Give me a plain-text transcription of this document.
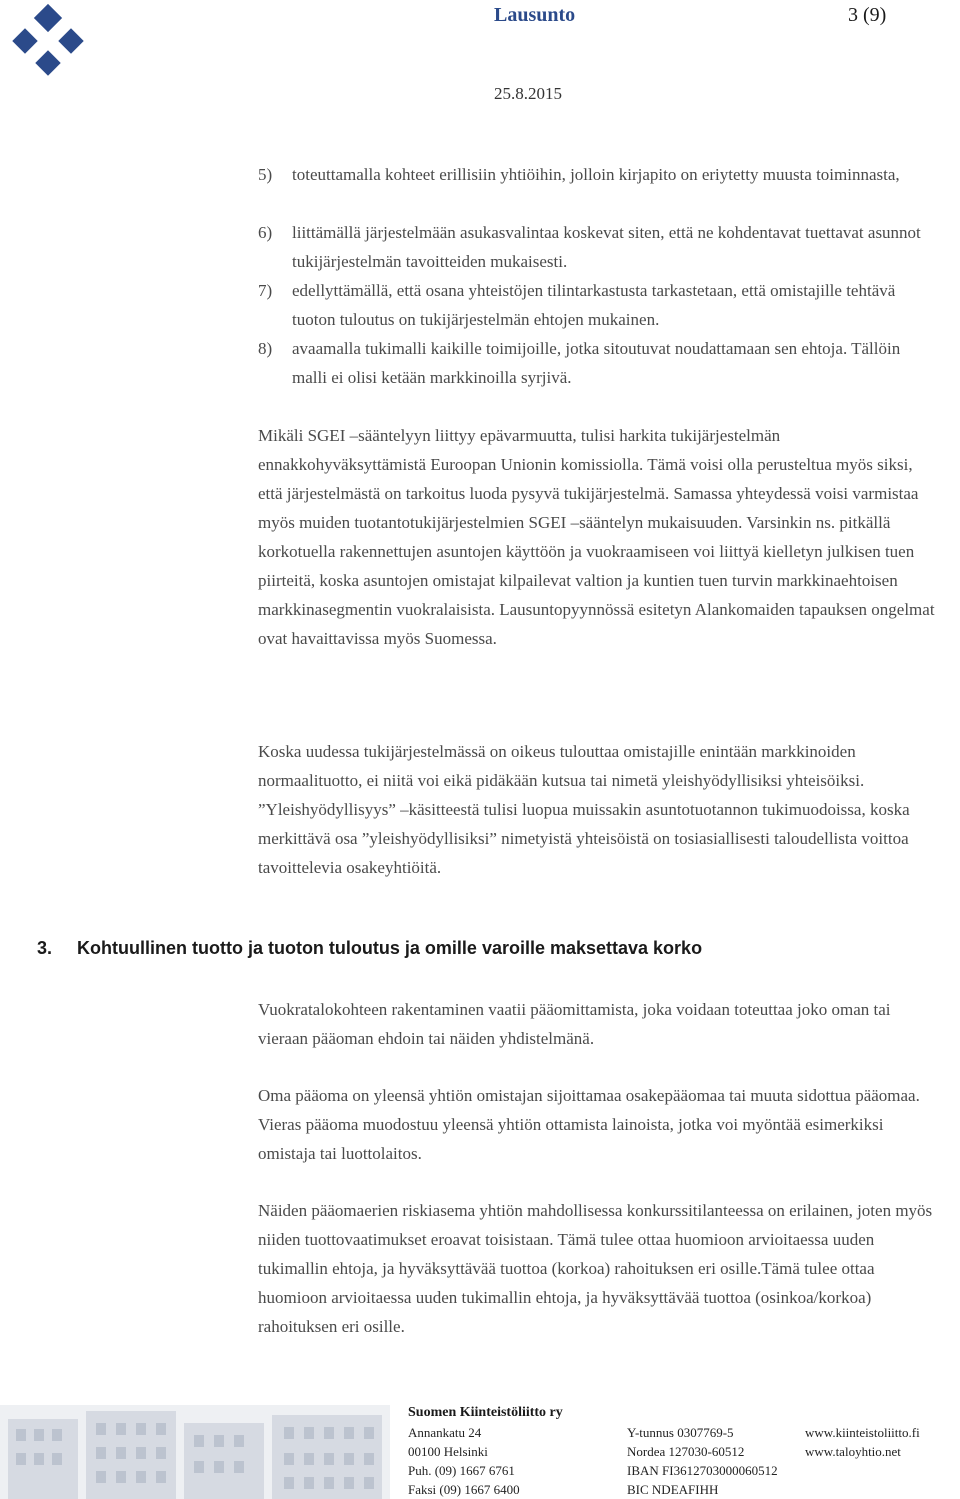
Lausunto	3 (9)
25.8.2015
5) toteuttamalla kohteet erillisiin yhtiöihin, jolloin kirjapito on eriytetty muusta toiminnasta,
6) liittämällä järjestelmään asukasvalintaa koskevat siten, että ne kohdentavat tuettavat asunnot tukijärjestelmän tavoitteiden mukaisesti.
7) edellyttämällä, että osana yhteistöjen tilintarkastusta tarkastetaan, että omistajille tehtävä tuoton tuloutus on tukijärjestelmän ehtojen mukainen.
8) avaamalla tukimalli kaikille toimijoille, jotka sitoutuvat noudattamaan sen ehtoja. Tällöin malli ei olisi ketään markkinoilla syrjivä.

Mikäli SGEI –sääntelyyn liittyy epävarmuutta, tulisi harkita tukijärjestelmän ennakkohyväksyttämistä Euroopan Unionin komissiolla. Tämä voisi olla perusteltua myös siksi, että järjestelmästä on tarkoitus luoda pysyvä tukijärjestelmä. Samassa yhteydessä voisi varmistaa myös muiden tuotantotukijärjestelmien SGEI –sääntelyn mukaisuuden. Varsinkin ns. pitkällä korkotuella rakennettujen asuntojen käyttöön ja vuokraamiseen voi liittyä kielletyn julkisen tuen piirteitä, koska asuntojen omistajat kilpailevat valtion ja kuntien tuen turvin markkinaehtoisen markkinasegmentin vuokralaisista. Lausuntopyynnössä esitetyn Alankomaiden tapauksen ongelmat ovat havaittavissa myös Suomessa.

Koska uudessa tukijärjestelmässä on oikeus tulouttaa omistajille enintään markkinoiden normaalituotto, ei niitä voi eikä pidäkään kutsua tai nimetä yleishyödyllisiksi yhteisöiksi. ”Yleishyödyllisyys” –käsitteestä tulisi luopua muissakin asuntotuotannon tukimuodoissa, koska merkittävä osa ”yleishyödyllisiksi” nimetyistä yhteisöistä on tosiasiallisesti taloudellista voittoa tavoittelevia osakeyhtiöitä.

3. Kohtuullinen tuotto ja tuoton tuloutus ja omille varoille maksettava korko

Vuokratalokohteen rakentaminen vaatii pääomittamista, joka voidaan toteuttaa joko oman tai vieraan pääoman ehdoin tai näiden yhdistelmänä.

Oma pääoma on yleensä yhtiön omistajan sijoittamaa osakepääomaa tai muuta sidottua pääomaa. Vieras pääoma muodostuu yleensä yhtiön ottamista lainoista, jotka voi myöntää esimerkiksi omistaja tai luottolaitos.

Näiden pääomaerien riskiasema yhtiön mahdollisessa konkurssitilanteessa on erilainen, joten myös niiden tuottovaatimukset eroavat toisistaan. Tämä tulee ottaa huomioon arvioitaessa uuden tukimallin ehtoja, ja hyväksyttävää tuottoa (korkoa) rahoituksen eri osille.Tämä tulee ottaa huomioon arvioitaessa uuden tukimallin ehtoja, ja hyväksyttävää tuottoa (osinkoa/korkoa) rahoituksen eri osille.

Suomen Kiinteistöliitto ry
Annankatu 24
00100 Helsinki
Puh. (09) 1667 6761
Faksi (09) 1667 6400
Y-tunnus 0307769-5
Nordea 127030-60512
IBAN FI3612703000060512
BIC NDEAFIHH
www.kiinteistoliitto.fi
www.taloyhtio.net
